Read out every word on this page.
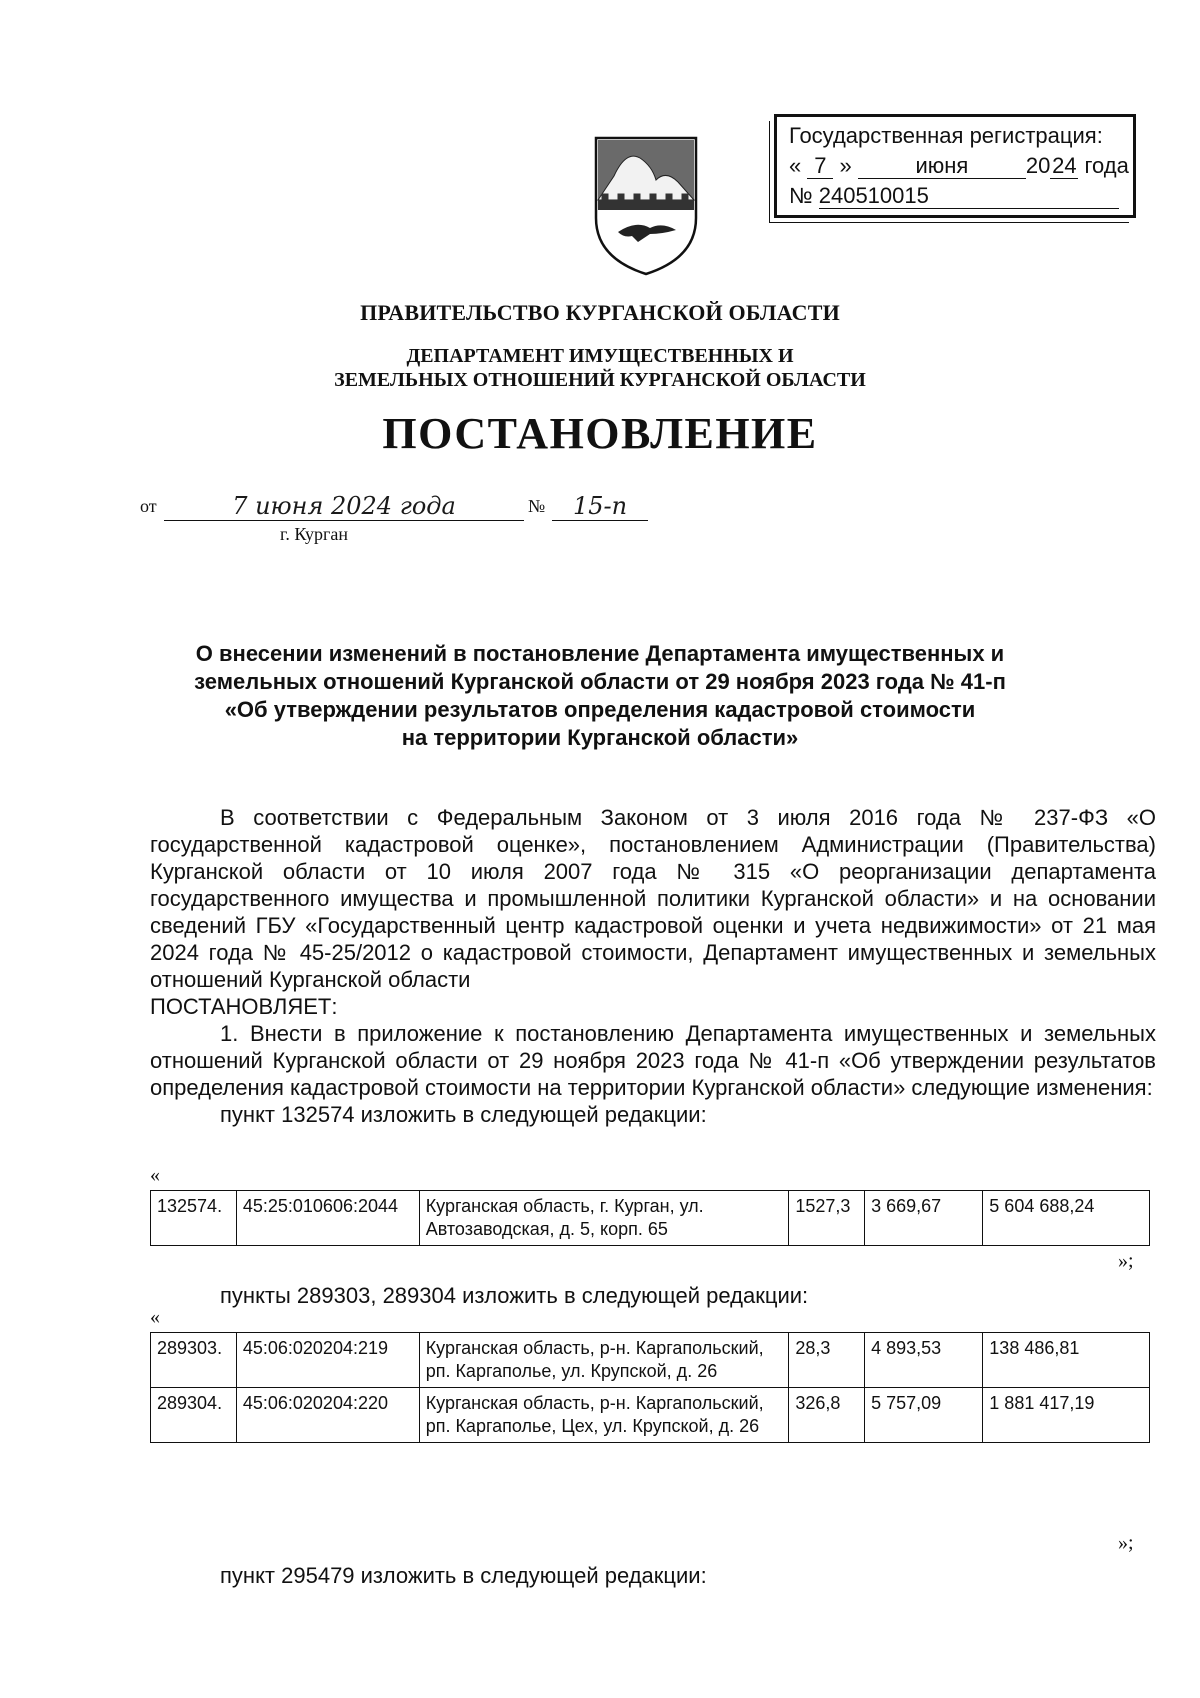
Государственная регистрация:
« 7 »	июня	2024 года
№ 240510015
ПРАВИТЕЛЬСТВО КУРГАНСКОЙ ОБЛАСТИ
ДЕПАРТАМЕНТ ИМУЩЕСТВЕННЫХ И
ЗЕМЕЛЬНЫХ ОТНОШЕНИЙ КУРГАНСКОЙ ОБЛАСТИ
ПОСТАНОВЛЕНИЕ
от	7 июня 2024 года	№	15-п
г. Курган
О внесении изменений в постановление Департамента имущественных и
земельных отношений Курганской области от 29 ноября 2023 года № 41-п
«Об утверждении результатов определения кадастровой стоимости
на территории Курганской области»

В соответствии с Федеральным Законом от 3 июля 2016 года № 237-ФЗ «О государственной кадастровой оценке», постановлением Администрации (Правительства) Курганской области от 10 июля 2007 года № 315 «О реорганизации департамента государственного имущества и промышленной политики Курганской области» и на основании сведений ГБУ «Государственный центр кадастровой оценки и учета недвижимости» от 21 мая 2024 года № 45-25/2012 о кадастровой стоимости, Департамент имущественных и земельных отношений Курганской области

ПОСТАНОВЛЯЕТ:

1. Внести в приложение к постановлению Департамента имущественных и земельных отношений Курганской области от 29 ноября 2023 года № 41-п «Об утверждении результатов определения кадастровой стоимости на территории Курганской области» следующие изменения:

пункт 132574 изложить в следующей редакции:

«
132574.	45:25:010606:2044	Курганская область, г. Курган, ул. Автозаводская, д. 5, корп. 65	1527,3	3 669,67	5 604 688,24
»;

пункты 289303, 289304 изложить в следующей редакции:

«
289303.	45:06:020204:219	Курганская область, р-н. Каргапольский, рп. Каргаполье, ул. Крупской, д. 26	28,3	4 893,53	138 486,81
289304.	45:06:020204:220	Курганская область, р-н. Каргапольский, рп. Каргаполье, Цех, ул. Крупской, д. 26	326,8	5 757,09	1 881 417,19
»;

пункт 295479 изложить в следующей редакции:
